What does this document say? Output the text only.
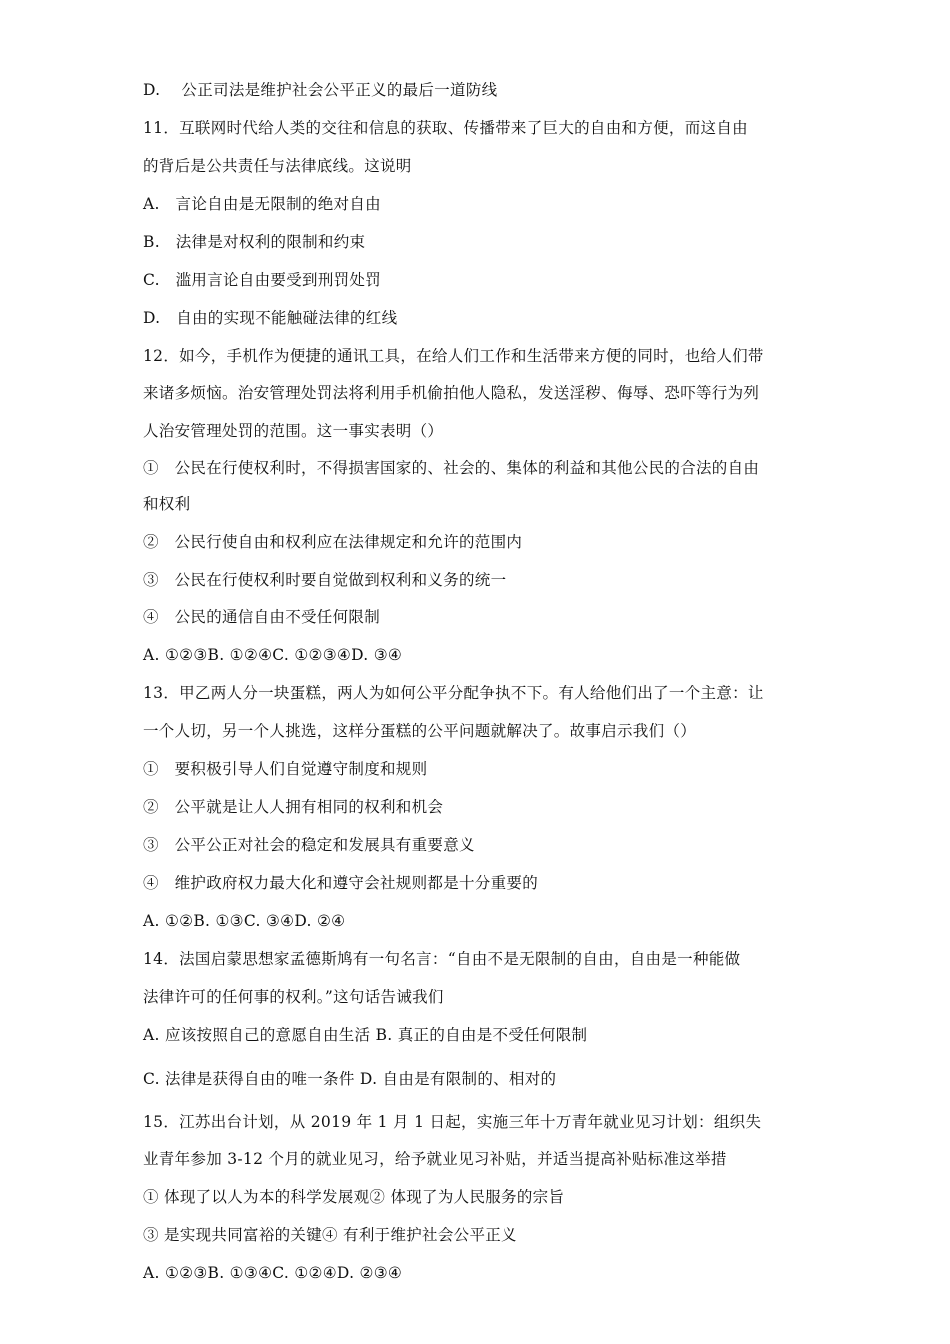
D.　 公正司法是维护社会公平正义的最后一道防线
11．互联网时代给人类的交往和信息的获取、传播带来了巨大的自由和方便，而这自由
的背后是公共责任与法律底线。这说明
A.　言论自由是无限制的绝对自由
B.　法律是对权利的限制和约束
C.　滥用言论自由要受到刑罚处罚
D.　自由的实现不能触碰法律的红线
12．如今，手机作为便捷的通讯工具，在给人们工作和生活带来方便的同时，也给人们带
来诸多烦恼。治安管理处罚法将利用手机偷拍他人隐私，发送淫秽、侮辱、恐吓等行为列
人治安管理处罚的范围。这一事实表明（）
①　公民在行使权利时，不得损害国家的、社会的、集体的利益和其他公民的合法的自由
和权利
②　公民行使自由和权利应在法律规定和允许的范围内
③　公民在行使权利时要自觉做到权利和义务的统一
④　公民的通信自由不受任何限制
A. ①②③B. ①②④C. ①②③④D. ③④
13．甲乙两人分一块蛋糕，两人为如何公平分配争执不下。有人给他们出了一个主意：让
一个人切，另一个人挑选，这样分蛋糕的公平问题就解决了。故事启示我们（）
①　要积极引导人们自觉遵守制度和规则
②　公平就是让人人拥有相同的权利和机会
③　公平公正对社会的稳定和发展具有重要意义
④　维护政府权力最大化和遵守会社规则都是十分重要的
A. ①②B. ①③C. ③④D. ②④
14．法国启蒙思想家孟德斯鸠有一句名言：“自由不是无限制的自由，自由是一种能做
法律许可的任何事的权利。”这句话告诫我们
A. 应该按照自己的意愿自由生活 B. 真正的自由是不受任何限制
C. 法律是获得自由的唯一条件 D. 自由是有限制的、相对的
15．江苏出台计划，从 2019 年 1 月 1 日起，实施三年十万青年就业见习计划：组织失
业青年参加 3-12 个月的就业见习，给予就业见习补贴，并适当提高补贴标准这举措
① 体现了以人为本的科学发展观② 体现了为人民服务的宗旨
③ 是实现共同富裕的关键④ 有利于维护社会公平正义
A. ①②③B. ①③④C. ①②④D. ②③④
